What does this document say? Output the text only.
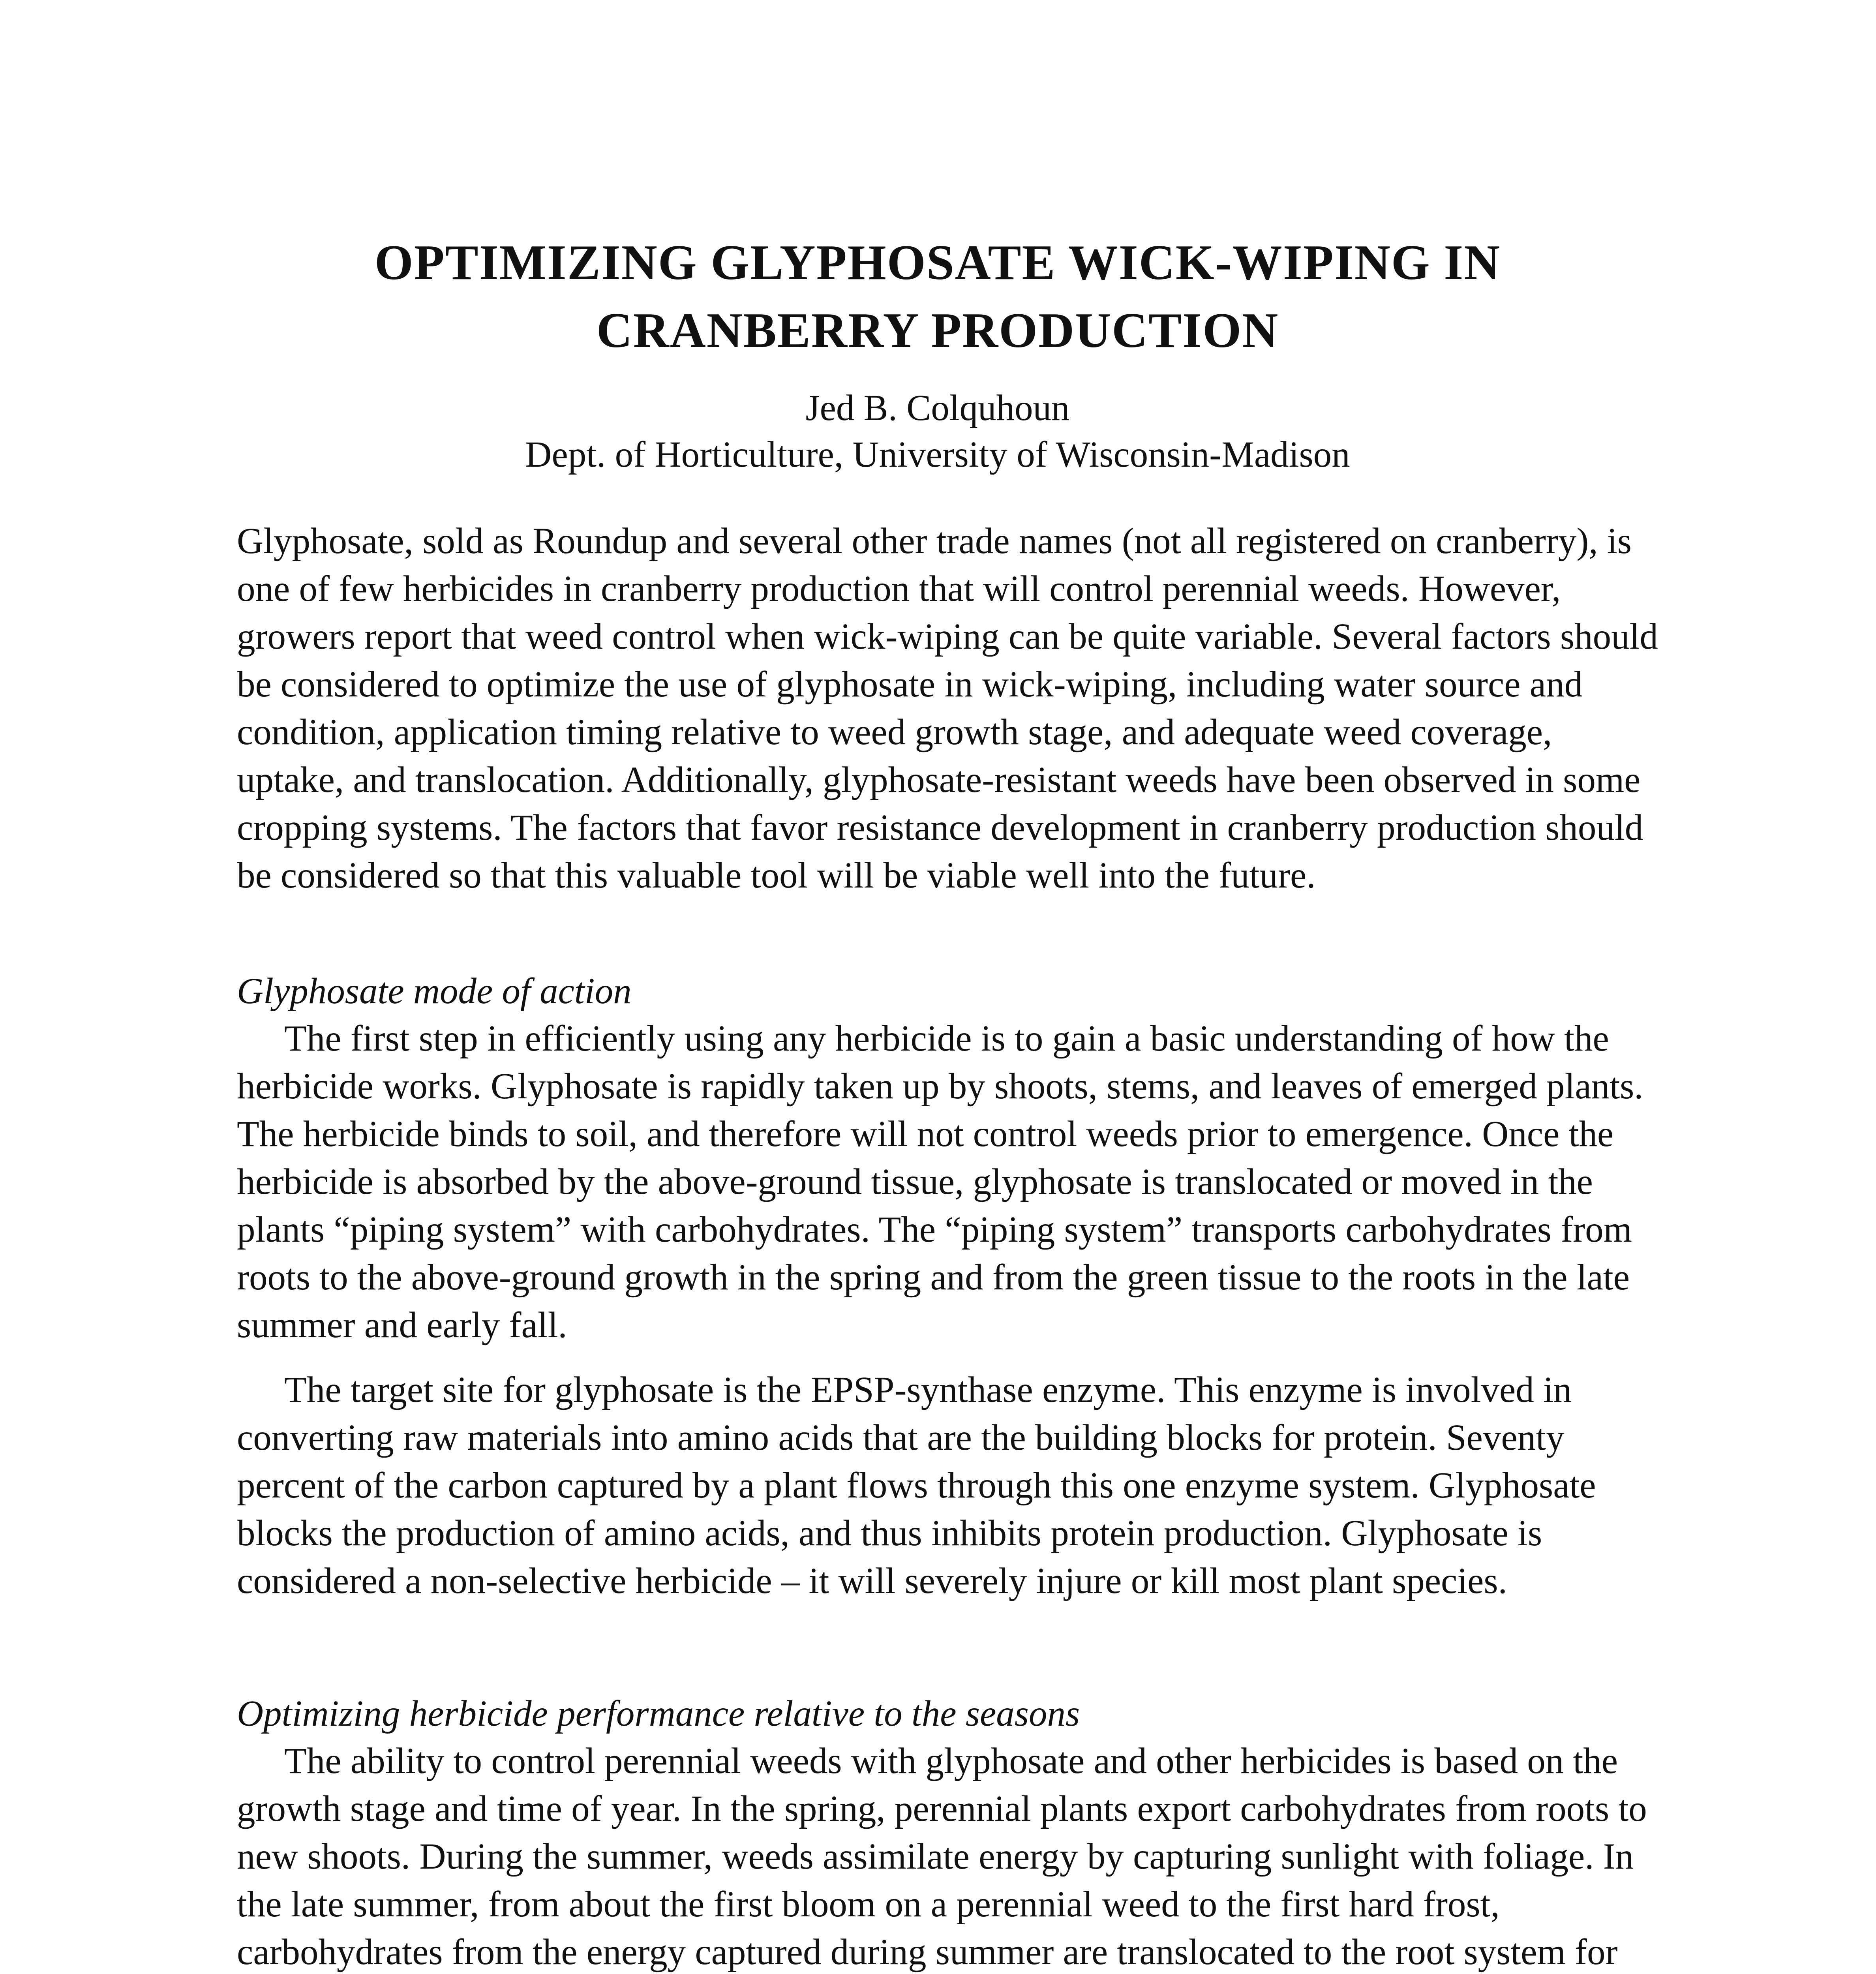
OPTIMIZING GLYPHOSATE WICK-WIPING IN
CRANBERRY PRODUCTION
Jed B. Colquhoun
Dept. of Horticulture, University of Wisconsin-Madison

Glyphosate, sold as Roundup and several other trade names (not all registered on cranberry), is one of few herbicides in cranberry production that will control perennial weeds. However, growers report that weed control when wick-wiping can be quite variable. Several factors should be considered to optimize the use of glyphosate in wick-wiping, including water source and condition, application timing relative to weed growth stage, and adequate weed coverage, uptake, and translocation. Additionally, glyphosate-resistant weeds have been observed in some cropping systems. The factors that favor resistance development in cranberry production should be considered so that this valuable tool will be viable well into the future.

Glyphosate mode of action

The first step in efficiently using any herbicide is to gain a basic understanding of how the herbicide works. Glyphosate is rapidly taken up by shoots, stems, and leaves of emerged plants. The herbicide binds to soil, and therefore will not control weeds prior to emergence. Once the herbicide is absorbed by the above-ground tissue, glyphosate is translocated or moved in the plants “piping system” with carbohydrates. The “piping system” transports carbohydrates from roots to the above-ground growth in the spring and from the green tissue to the roots in the late summer and early fall.

The target site for glyphosate is the EPSP-synthase enzyme. This enzyme is involved in converting raw materials into amino acids that are the building blocks for protein. Seventy percent of the carbon captured by a plant flows through this one enzyme system. Glyphosate blocks the production of amino acids, and thus inhibits protein production. Glyphosate is considered a non-selective herbicide – it will severely injure or kill most plant species.

Optimizing herbicide performance relative to the seasons

The ability to control perennial weeds with glyphosate and other herbicides is based on the growth stage and time of year. In the spring, perennial plants export carbohydrates from roots to new shoots. During the summer, weeds assimilate energy by capturing sunlight with foliage. In the late summer, from about the first bloom on a perennial weed to the first hard frost, carbohydrates from the energy captured during summer are translocated to the root system for
